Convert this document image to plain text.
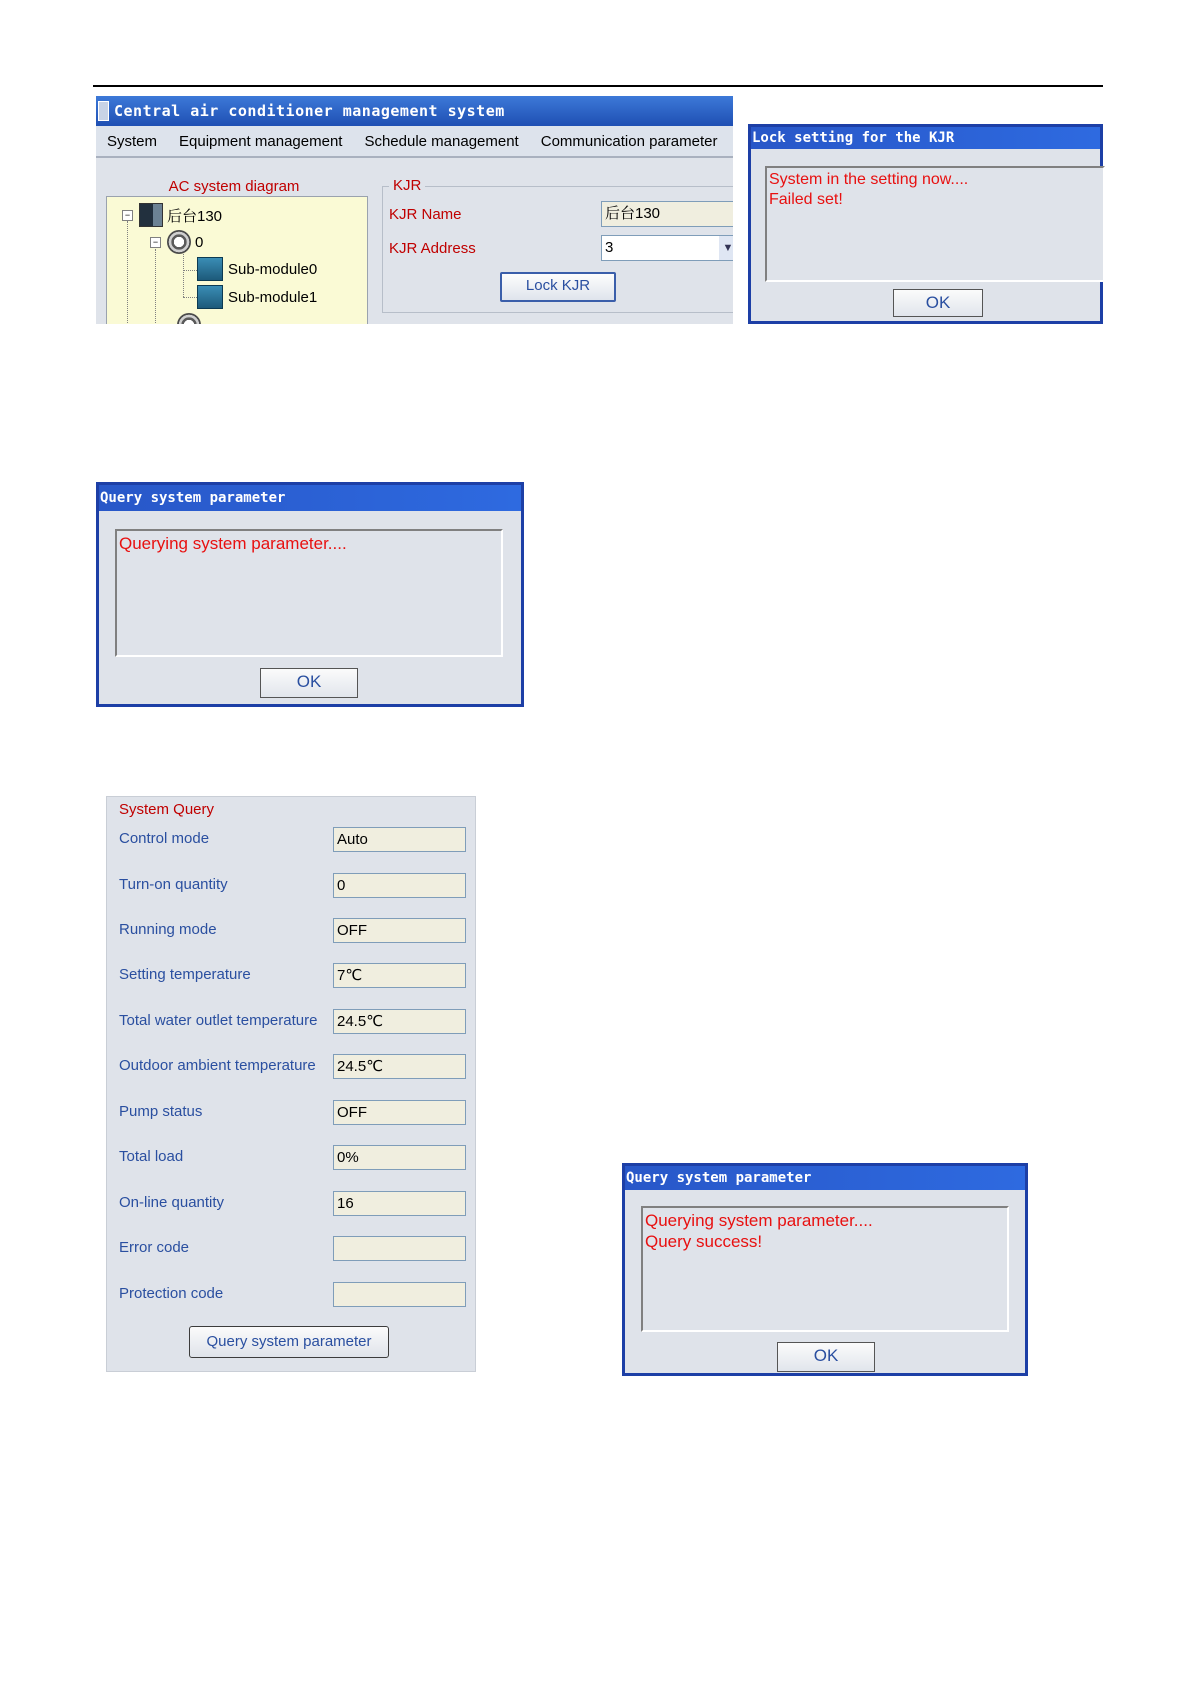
Central air conditioner management system
System	Equipment management	Schedule management	Communication parameter
AC system diagram
− 后台130
− 0
Sub-module0
Sub-module1
KJR
KJR Name	后台130
KJR Address	3	▼
Lock KJR
Lock setting for the KJR
System in the setting now....
Failed set!
OK
Query system parameter
Querying system parameter....
OK
System Query
Control mode	Auto
Turn-on quantity	0
Running mode	OFF
Setting temperature	7℃
Total water outlet temperature 24.5℃
Outdoor ambient temperature 24.5℃
Pump status	OFF
Total load	0%
On-line quantity	16
Error code
Protection code
Query system parameter
Query system parameter
Querying system parameter....
Query success!
OK
